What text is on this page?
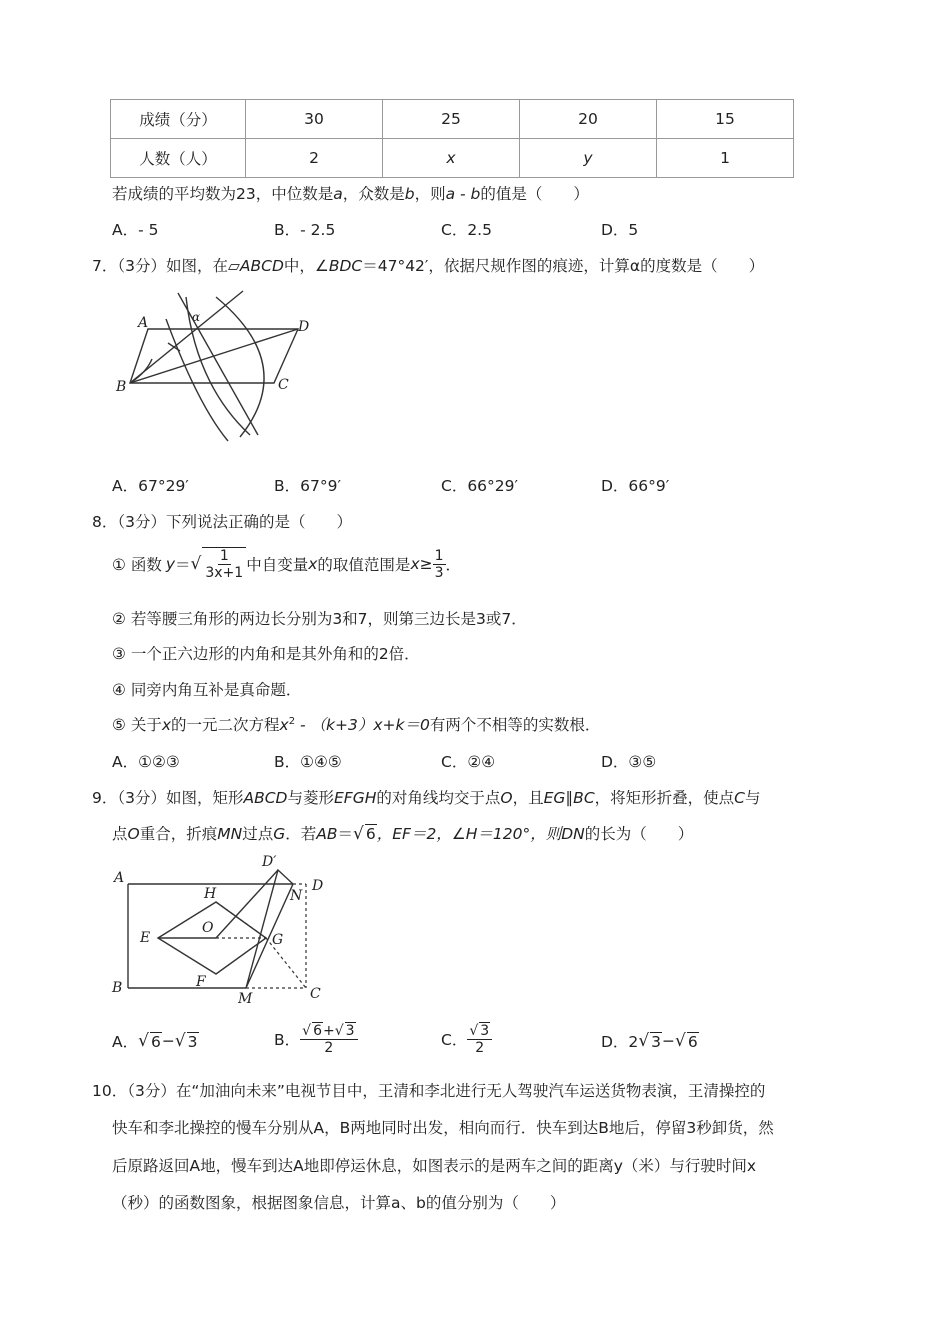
成绩（分）	30	25	20	15
人数（人）	2	x	y	1
若成绩的平均数为23，中位数是a，众数是b，则a - b的值是（　　）
A．- 5	B．- 2.5	C．2.5	D．5
7．（3分）如图，在▱ABCD中，∠BDC＝47°42′，依据尺规作图的痕迹，计算α的度数是（　　）
A	D
B	C
α
A．67°29′	B．67°9′	C．66°29′	D．66°9′
8．（3分）下列说法正确的是（　　）
① 函数 y ＝ √ $\frac{1}{3x+1}$ 中自变量 x 的取值范围是 $x \ge \frac{1}{3}$ ．
② 若等腰三角形的两边长分别为3和7，则第三边长是3或7．
③ 一个正六边形的内角和是其外角和的2倍．
④ 同旁内角互补是真命题．
⑤ 关于x的一元二次方程$x^2 - (k+3)x+k=0$有两个不相等的实数根．
A．①②③	B．①④⑤	C．②④	D．③⑤
9．（3分）如图，矩形ABCD与菱形EFGH的对角线均交于点O，且EG∥BC，将矩形折叠，使点C与
点O重合，折痕MN过点G．若AB＝√ 6，EF＝2，∠H＝120°，则DN的长为（　　）
A
B	C
D
D′
N
H
O
E	G
F
M
A． √ 6 − √ 3	B． $\frac{√ 6+√ 3}{2}$	C． $\frac{√ 3}{2}$	D．2 √ 3 − √ 6
10．（3分）在“加油向未来”电视节目中，王清和李北进行无人驾驶汽车运送货物表演，王清操控的
快车和李北操控的慢车分别从A，B两地同时出发，相向而行．快车到达B地后，停留3秒卸货，然
后原路返回A地，慢车到达A地即停运休息，如图表示的是两车之间的距离y（米）与行驶时间x
（秒）的函数图象，根据图象信息，计算a、b的值分别为（　　）
